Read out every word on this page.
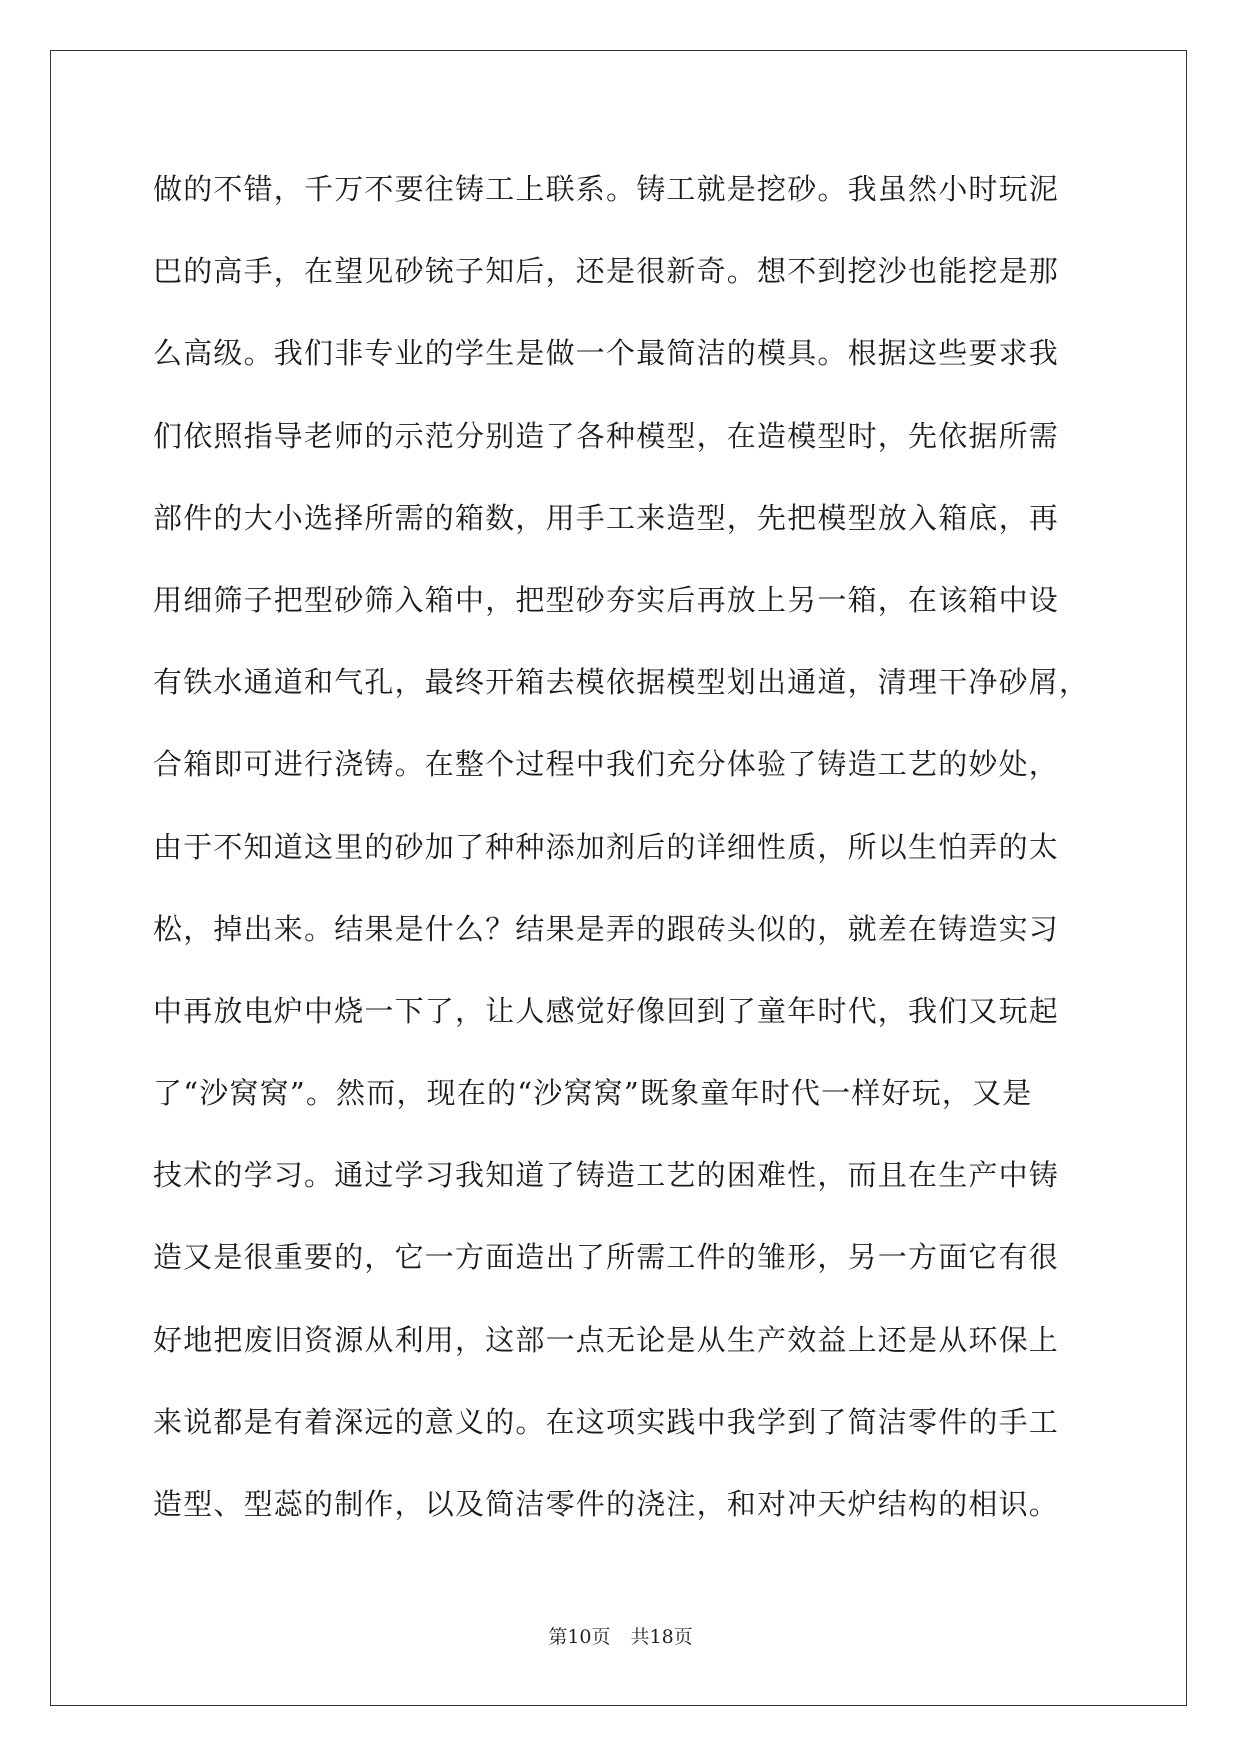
做的不错，千万不要往铸工上联系。铸工就是挖砂。我虽然小时玩泥
巴的高手，在望见砂铳子知后，还是很新奇。想不到挖沙也能挖是那
么高级。我们非专业的学生是做一个最简洁的模具。根据这些要求我
们依照指导老师的示范分别造了各种模型，在造模型时，先依据所需
部件的大小选择所需的箱数，用手工来造型，先把模型放入箱底，再
用细筛子把型砂筛入箱中，把型砂夯实后再放上另一箱，在该箱中设
有铁水通道和气孔，最终开箱去模依据模型划出通道，清理干净砂屑，
合箱即可进行浇铸。在整个过程中我们充分体验了铸造工艺的妙处，
由于不知道这里的砂加了种种添加剂后的详细性质，所以生怕弄的太
松，掉出来。结果是什么？结果是弄的跟砖头似的，就差在铸造实习
中再放电炉中烧一下了，让人感觉好像回到了童年时代，我们又玩起
了“沙窝窝”。然而，现在的“沙窝窝”既象童年时代一样好玩，又是
技术的学习。通过学习我知道了铸造工艺的困难性，而且在生产中铸
造又是很重要的，它一方面造出了所需工件的雏形，另一方面它有很
好地把废旧资源从利用，这部一点无论是从生产效益上还是从环保上
来说都是有着深远的意义的。在这项实践中我学到了简洁零件的手工
造型、型蕊的制作，以及简洁零件的浇注，和对冲天炉结构的相识。
第10页 共18页
